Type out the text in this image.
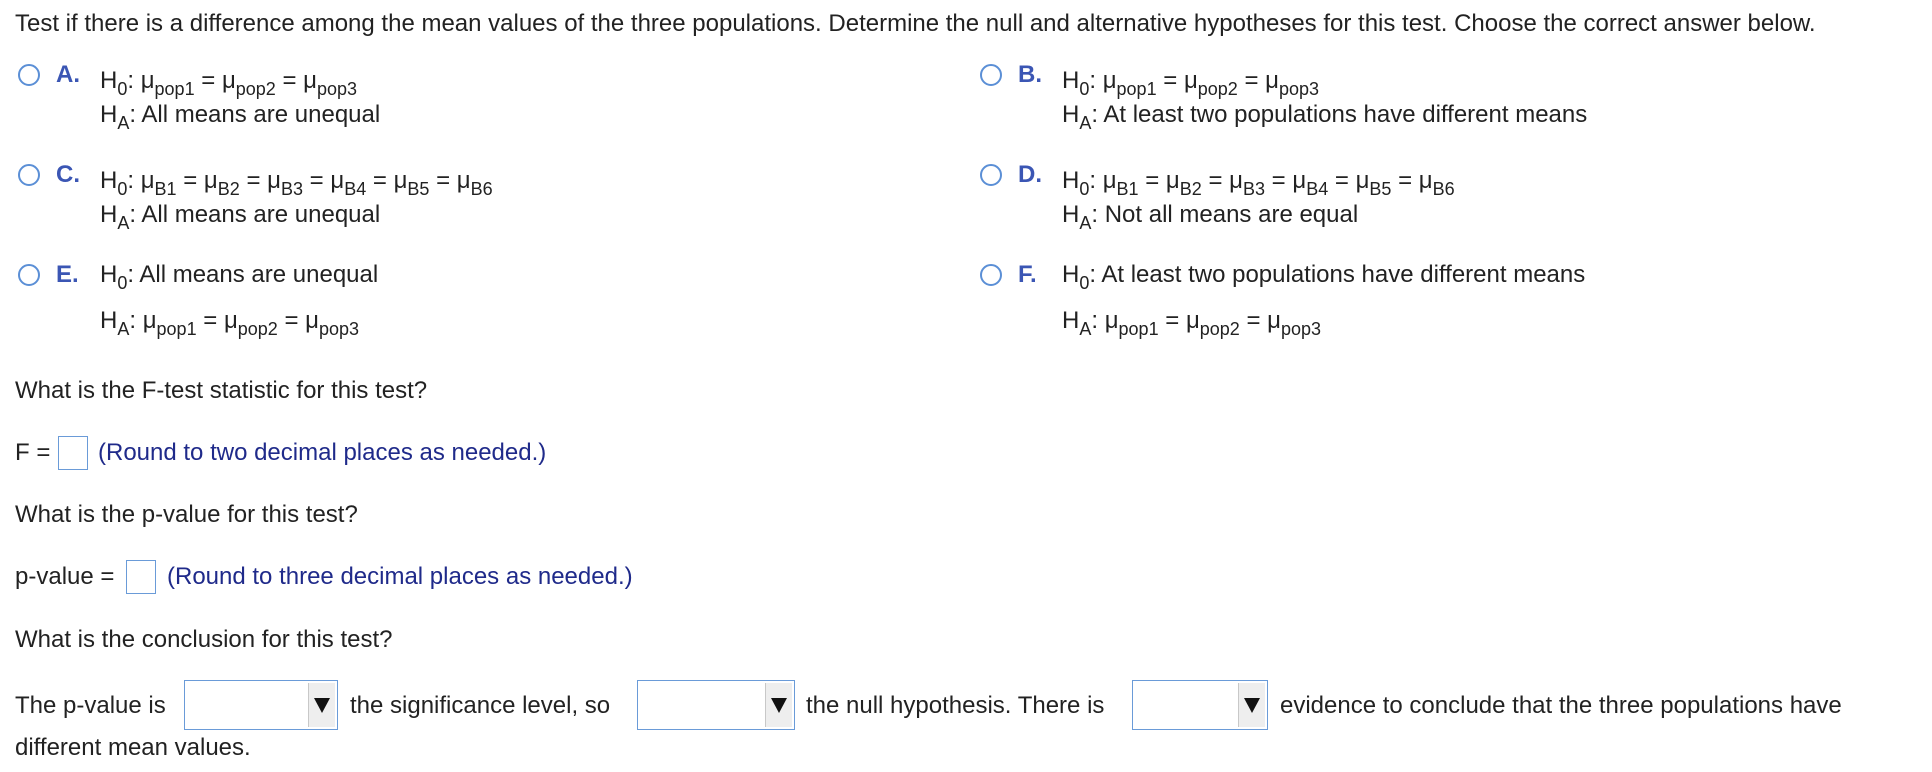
Test if there is a difference among the mean values of the three populations. Determine the null and alternative hypotheses for this test. Choose the correct answer below.
A. $H_0$: $\mu_{pop1} = \mu_{pop2} = \mu_{pop3}$
$H_A$: All means are unequal
B. $H_0$: $\mu_{pop1} = \mu_{pop2} = \mu_{pop3}$
$H_A$: At least two populations have different means
C. $H_0$: $\mu_{B1} = \mu_{B2} = \mu_{B3} = \mu_{B4} = \mu_{B5} = \mu_{B6}$
$H_A$: All means are unequal
D. $H_0$: $\mu_{B1} = \mu_{B2} = \mu_{B3} = \mu_{B4} = \mu_{B5} = \mu_{B6}$
$H_A$: Not all means are equal
E. $H_0$: All means are unequal
$H_A$: $\mu_{pop1} = \mu_{pop2} = \mu_{pop3}$
F. $H_0$: At least two populations have different means
$H_A$: $\mu_{pop1} = \mu_{pop2} = \mu_{pop3}$
What is the F-test statistic for this test?
F = (Round to two decimal places as needed.)
What is the p-value for this test?
p-value = (Round to three decimal places as needed.)
What is the conclusion for this test?
The p-value is	the significance level, so	the null hypothesis. There is	evidence to conclude that the three populations have
different mean values.
